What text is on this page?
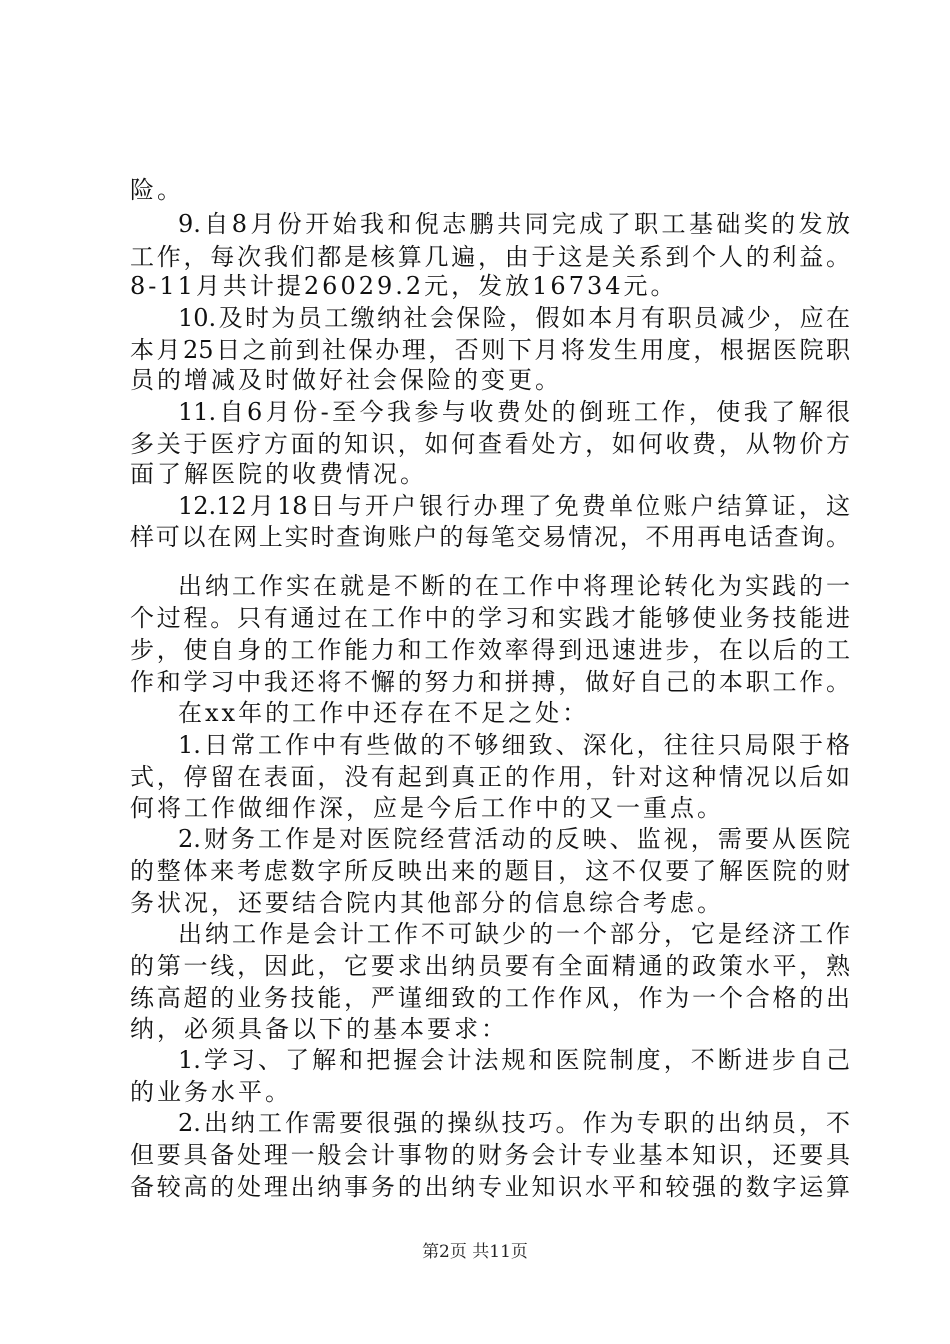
险。
9.自8月份开始我和倪志鹏共同完成了职工基础奖的发放
工作，每次我们都是核算几遍，由于这是关系到个人的利益。
8-11月共计提26029.2元，发放16734元。
10.及时为员工缴纳社会保险，假如本月有职员减少，应在
本月25日之前到社保办理，否则下月将发生用度，根据医院职
员的增减及时做好社会保险的变更。
11.自6月份-至今我参与收费处的倒班工作，使我了解很
多关于医疗方面的知识，如何查看处方，如何收费，从物价方
面了解医院的收费情况。
12.12月18日与开户银行办理了免费单位账户结算证，这
样可以在网上实时查询账户的每笔交易情况，不用再电话查询。
出纳工作实在就是不断的在工作中将理论转化为实践的一
个过程。只有通过在工作中的学习和实践才能够使业务技能进
步，使自身的工作能力和工作效率得到迅速进步，在以后的工
作和学习中我还将不懈的努力和拼搏，做好自己的本职工作。
在xx年的工作中还存在不足之处：
1.日常工作中有些做的不够细致、深化，往往只局限于格
式，停留在表面，没有起到真正的作用，针对这种情况以后如
何将工作做细作深，应是今后工作中的又一重点。
2.财务工作是对医院经营活动的反映、监视，需要从医院
的整体来考虑数字所反映出来的题目，这不仅要了解医院的财
务状况，还要结合院内其他部分的信息综合考虑。
出纳工作是会计工作不可缺少的一个部分，它是经济工作
的第一线，因此，它要求出纳员要有全面精通的政策水平，熟
练高超的业务技能，严谨细致的工作作风，作为一个合格的出
纳，必须具备以下的基本要求：
1.学习、了解和把握会计法规和医院制度，不断进步自己
的业务水平。
2.出纳工作需要很强的操纵技巧。作为专职的出纳员，不
但要具备处理一般会计事物的财务会计专业基本知识，还要具
备较高的处理出纳事务的出纳专业知识水平和较强的数字运算
第2页 共11页
